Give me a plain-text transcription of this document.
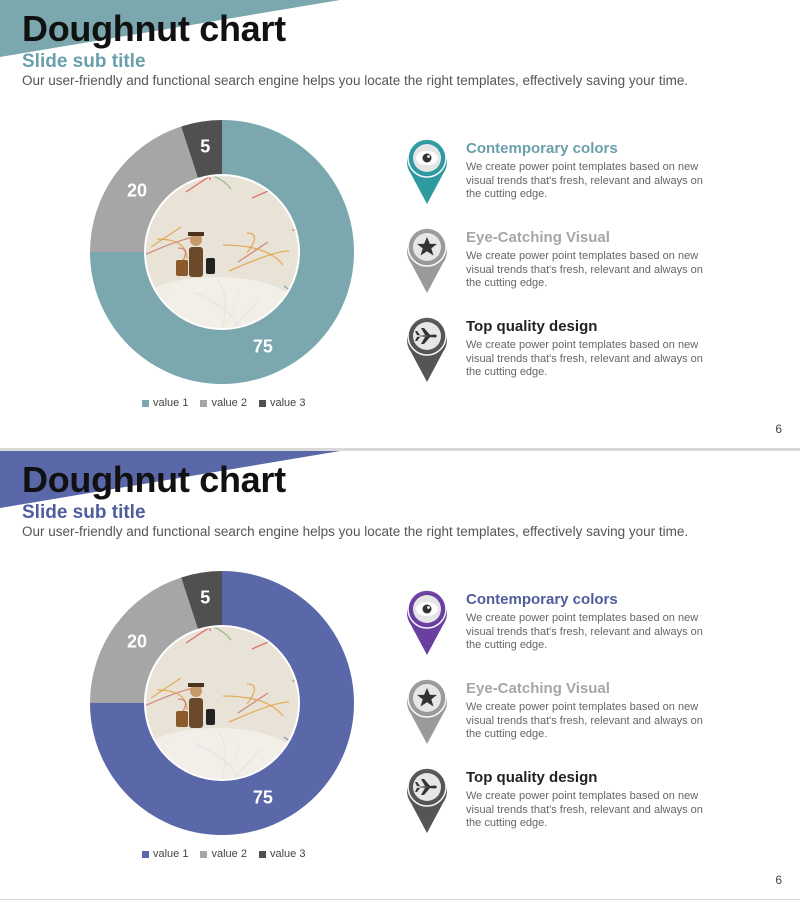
Doughnut chart
Slide sub title
Our user-friendly and functional search engine helps you locate the right templates, effectively saving your time.
75
20
5
value 1 value 2 value 3
Contemporary colors
We create power point templates based on new visual trends that's fresh, relevant and always on the cutting edge.
Eye-Catching Visual
We create power point templates based on new visual trends that's fresh, relevant and always on the cutting edge.
Top quality design
We create power point templates based on new visual trends that's fresh, relevant and always on the cutting edge.
6
Doughnut chart
Slide sub title
Our user-friendly and functional search engine helps you locate the right templates, effectively saving your time.
75
20
5
value 1 value 2 value 3
Contemporary colors
We create power point templates based on new visual trends that's fresh, relevant and always on the cutting edge.
Eye-Catching Visual
We create power point templates based on new visual trends that's fresh, relevant and always on the cutting edge.
Top quality design
We create power point templates based on new visual trends that's fresh, relevant and always on the cutting edge.
6
